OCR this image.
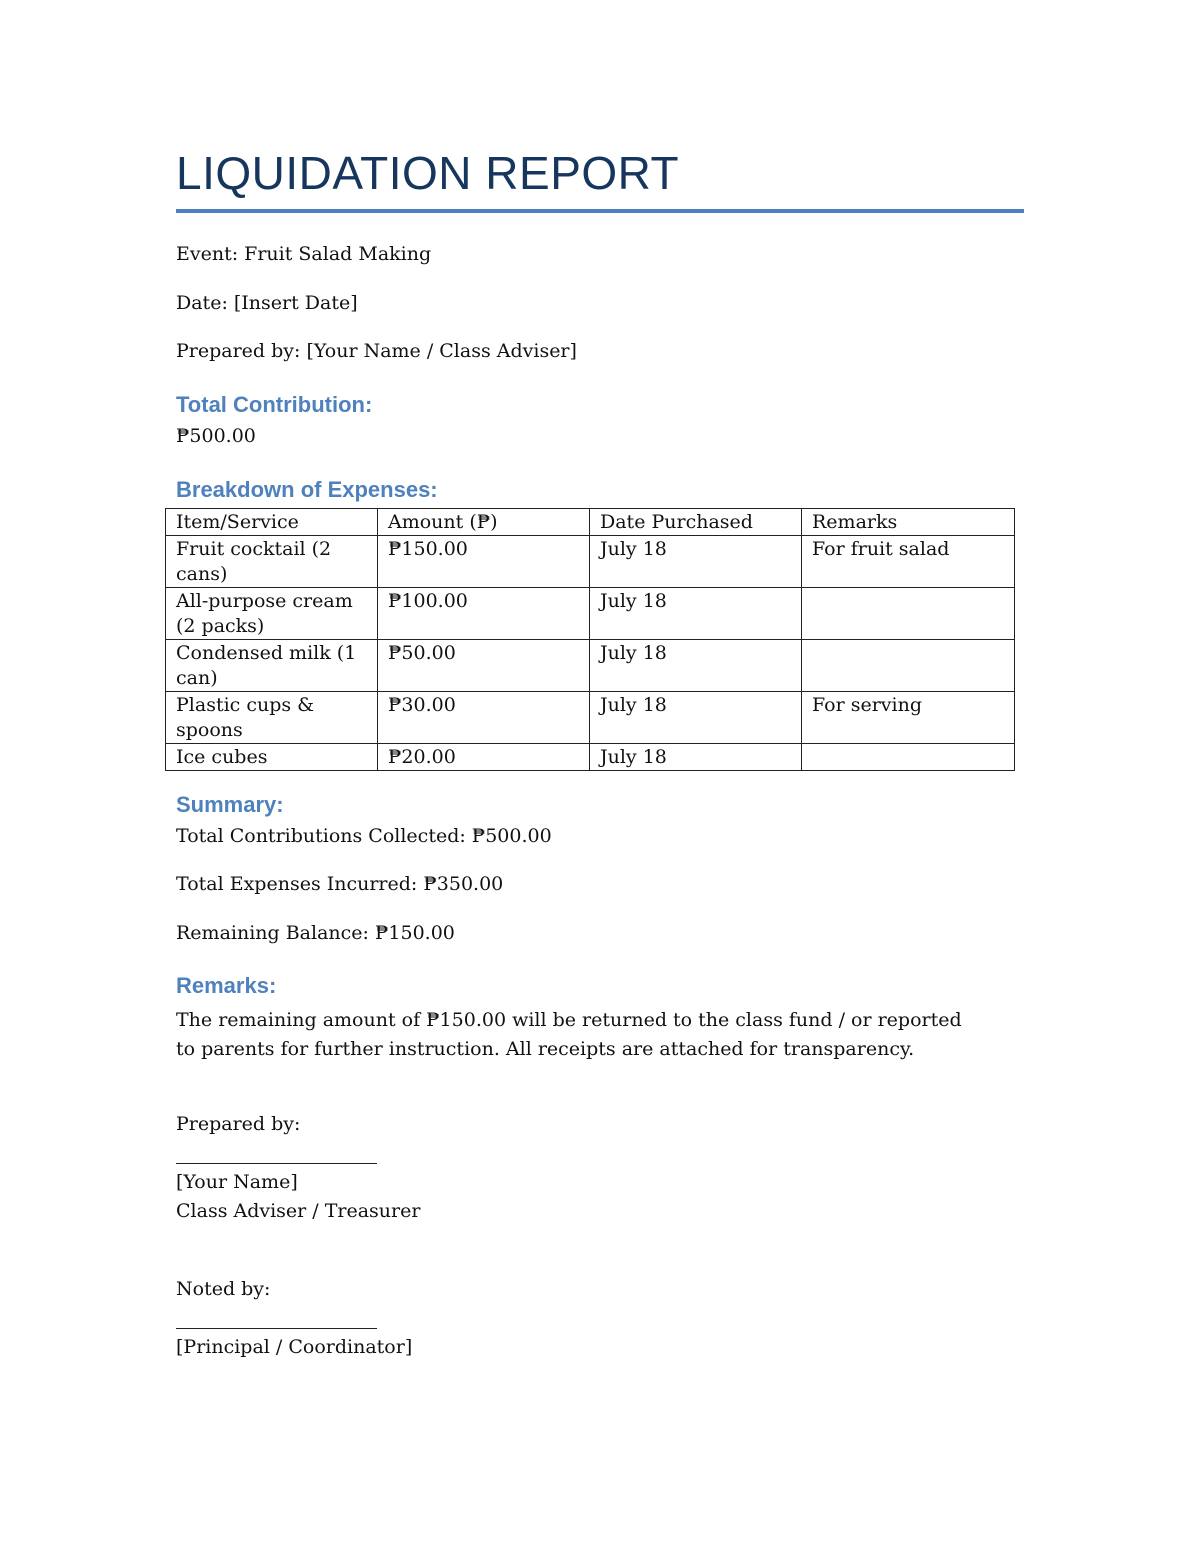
LIQUIDATION REPORT
Event: Fruit Salad Making
Date: [Insert Date]
Prepared by: [Your Name / Class Adviser]
Total Contribution:
₱500.00
Breakdown of Expenses:
Item/Service	Amount (₱)	Date Purchased	Remarks
Fruit cocktail (2 cans)	₱150.00	July 18	For fruit salad
All-purpose cream (2 packs)	₱100.00	July 18	
Condensed milk (1 can)	₱50.00	July 18	
Plastic cups & spoons	₱30.00	July 18	For serving
Ice cubes	₱20.00	July 18	
Summary:
Total Contributions Collected: ₱500.00
Total Expenses Incurred: ₱350.00
Remaining Balance: ₱150.00
Remarks:
The remaining amount of ₱150.00 will be returned to the class fund / or reported to parents for further instruction. All receipts are attached for transparency.
Prepared by:
[Your Name]
Class Adviser / Treasurer
Noted by:
[Principal / Coordinator]
